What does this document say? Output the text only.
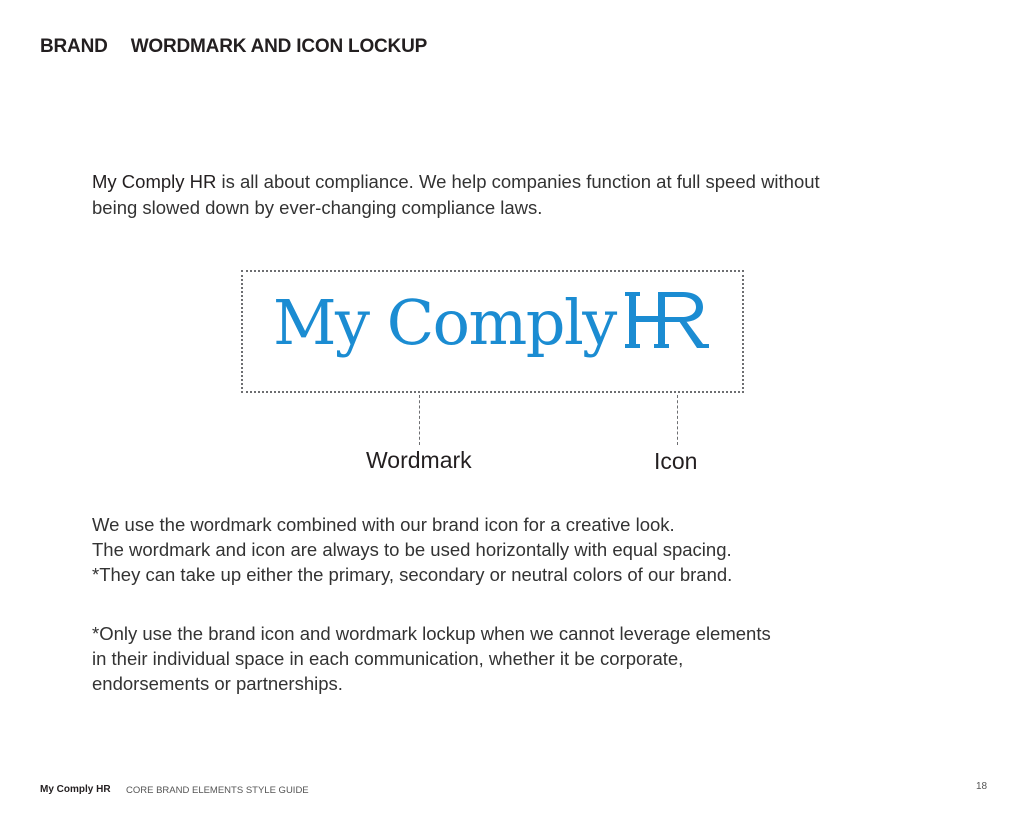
BRAND WORDMARK AND ICON LOCKUP
My Comply HR is all about compliance. We help companies function at full speed without being slowed down by ever-changing compliance laws.
My Comply
Wordmark	Icon
We use the wordmark combined with our brand icon for a creative look.
The wordmark and icon are always to be used horizontally with equal spacing.
*They can take up either the primary, secondary or neutral colors of our brand.
*Only use the brand icon and wordmark lockup when we cannot leverage elements
in their individual space in each communication, whether it be corporate,
endorsements or partnerships.
My Comply HR CORE BRAND ELEMENTS STYLE GUIDE	18
